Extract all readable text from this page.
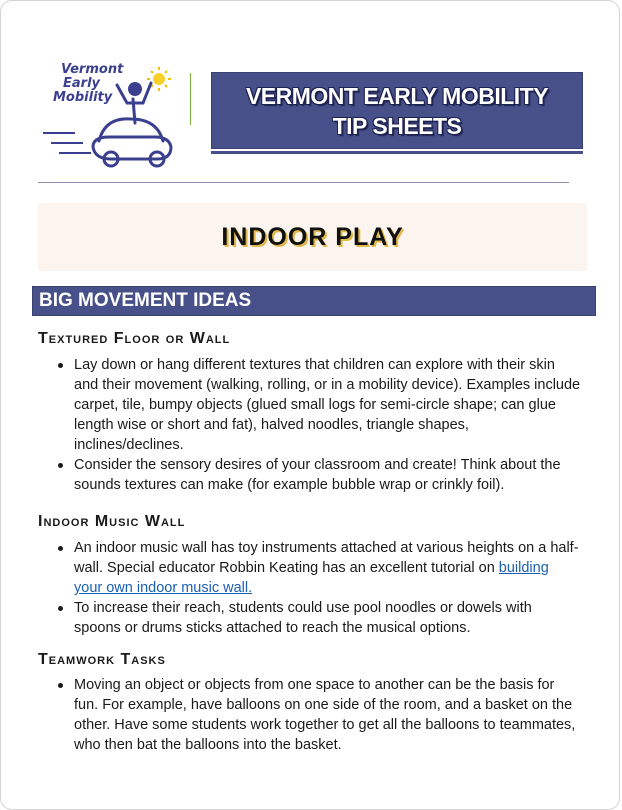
Vermont
Early
Mobility	VERMONT EARLY MOBILITY
TIP SHEETS
INDOOR PLAY
BIG MOVEMENT IDEAS
Textured Floor or Wall
Lay down or hang different textures that children can explore with their skin and their movement (walking, rolling, or in a mobility device). Examples include carpet, tile, bumpy objects (glued small logs for semi-circle shape; can glue length wise or short and fat), halved noodles, triangle shapes, inclines/declines.
Consider the sensory desires of your classroom and create! Think about the sounds textures can make (for example bubble wrap or crinkly foil).
Indoor Music Wall
An indoor music wall has toy instruments attached at various heights on a half-wall. Special educator Robbin Keating has an excellent tutorial on building your own indoor music wall.
To increase their reach, students could use pool noodles or dowels with spoons or drums sticks attached to reach the musical options.
Teamwork Tasks
Moving an object or objects from one space to another can be the basis for fun. For example, have balloons on one side of the room, and a basket on the other. Have some students work together to get all the balloons to teammates, who then bat the balloons into the basket.
